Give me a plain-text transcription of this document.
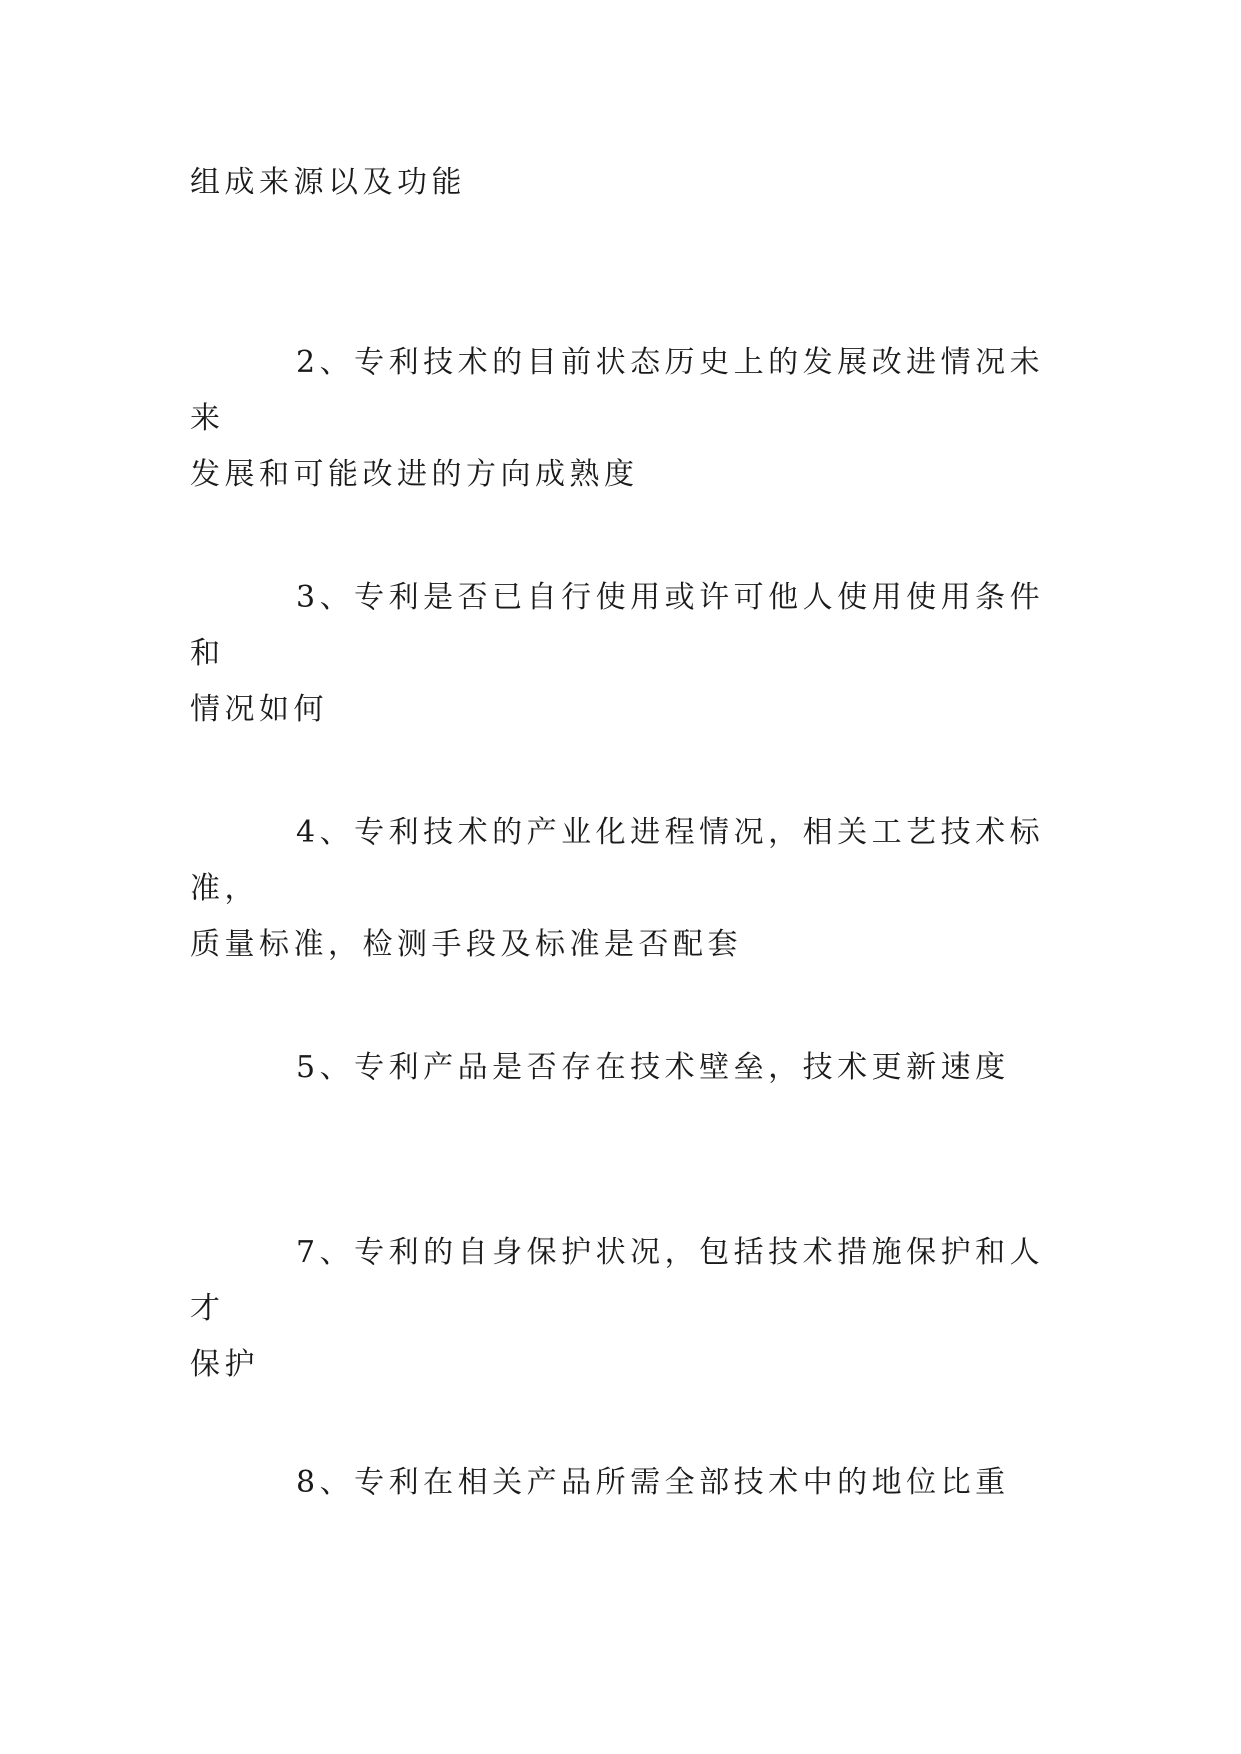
组成来源以及功能

2、专利技术的目前状态历史上的发展改进情况未来
发展和可能改进的方向成熟度

3、专利是否已自行使用或许可他人使用使用条件和
情况如何

4、专利技术的产业化进程情况，相关工艺技术标准，
质量标准，检测手段及标准是否配套

5、专利产品是否存在技术壁垒，技术更新速度

7、专利的自身保护状况，包括技术措施保护和人才
保护

8、专利在相关产品所需全部技术中的地位比重
